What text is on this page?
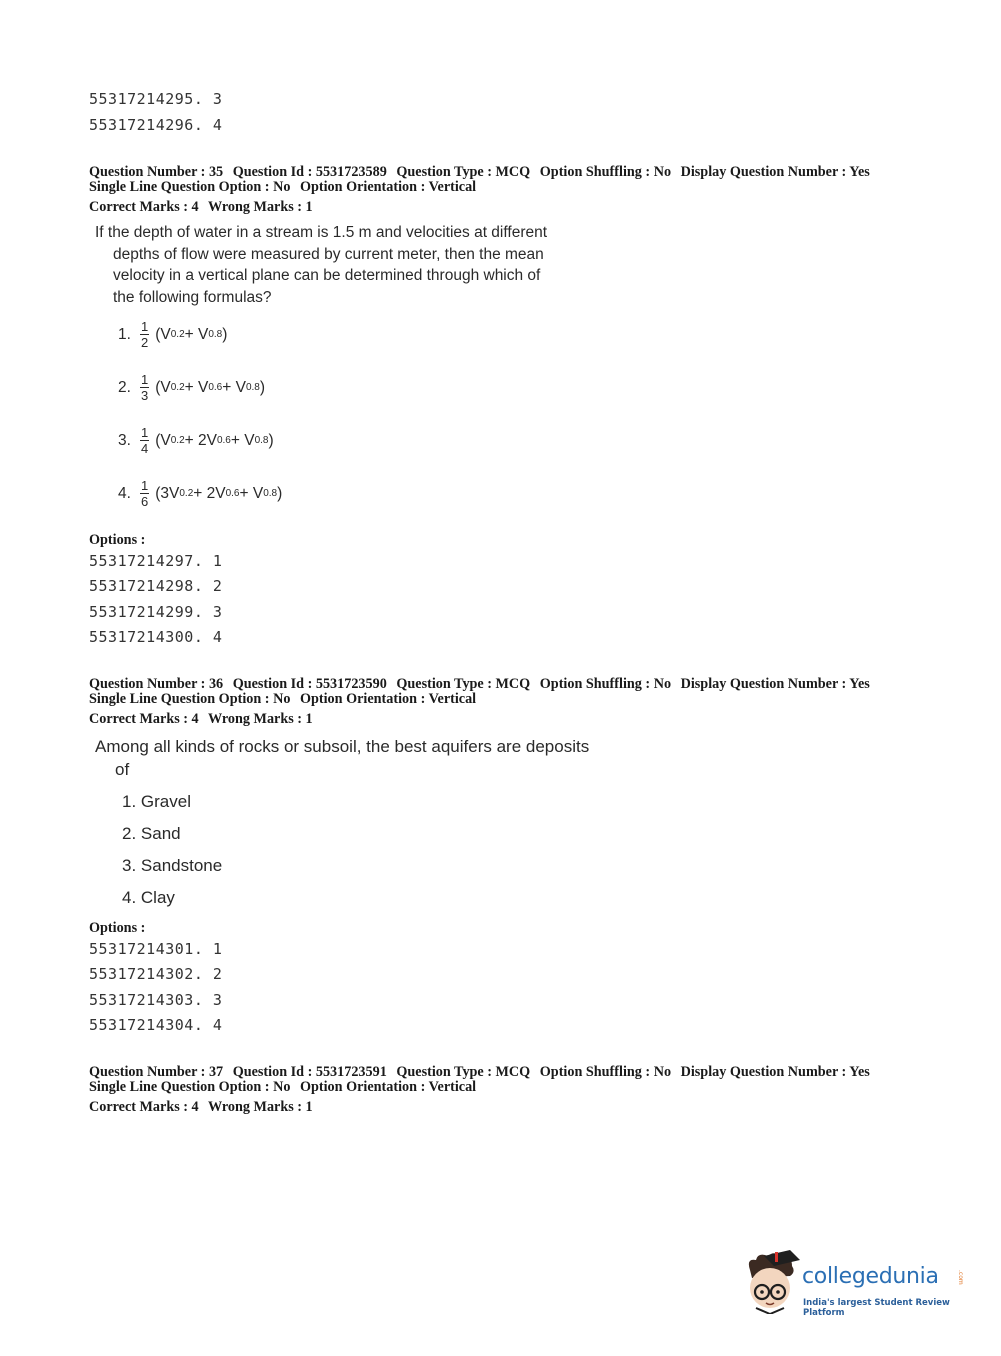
55317214295. 3
55317214296. 4
Question Number : 35 Question Id : 5531723589 Question Type : MCQ Option Shuffling : No Display Question Number : Yes
Single Line Question Option : No Option Orientation : Vertical
Correct Marks : 4 Wrong Marks : 1
If the depth of water in a stream is 1.5 m and velocities at different
depths of flow were measured by current meter, then the mean
velocity in a vertical plane can be determined through which of
the following formulas?
1. $\frac{1}{2} (V$ 0.2 + V 0.8 )
2. $\frac{1}{3} (V$ 0.2 + V 0.6 + V 0.8 )
3. $\frac{1}{4} (V$ 0.2 + 2V 0.6 + V 0.8 )
4. $\frac{1}{6} (3V$ 0.2 + 2V 0.6 + V 0.8 )
Options :
55317214297. 1
55317214298. 2
55317214299. 3
55317214300. 4
Question Number : 36 Question Id : 5531723590 Question Type : MCQ Option Shuffling : No Display Question Number : Yes
Single Line Question Option : No Option Orientation : Vertical
Correct Marks : 4 Wrong Marks : 1
Among all kinds of rocks or subsoil, the best aquifers are deposits
of
1. Gravel
2. Sand
3. Sandstone
4. Clay
Options :
55317214301. 1
55317214302. 2
55317214303. 3
55317214304. 4
Question Number : 37 Question Id : 5531723591 Question Type : MCQ Option Shuffling : No Display Question Number : Yes
Single Line Question Option : No Option Orientation : Vertical
Correct Marks : 4 Wrong Marks : 1
collegedunia	.com
India's largest Student Review Platform
